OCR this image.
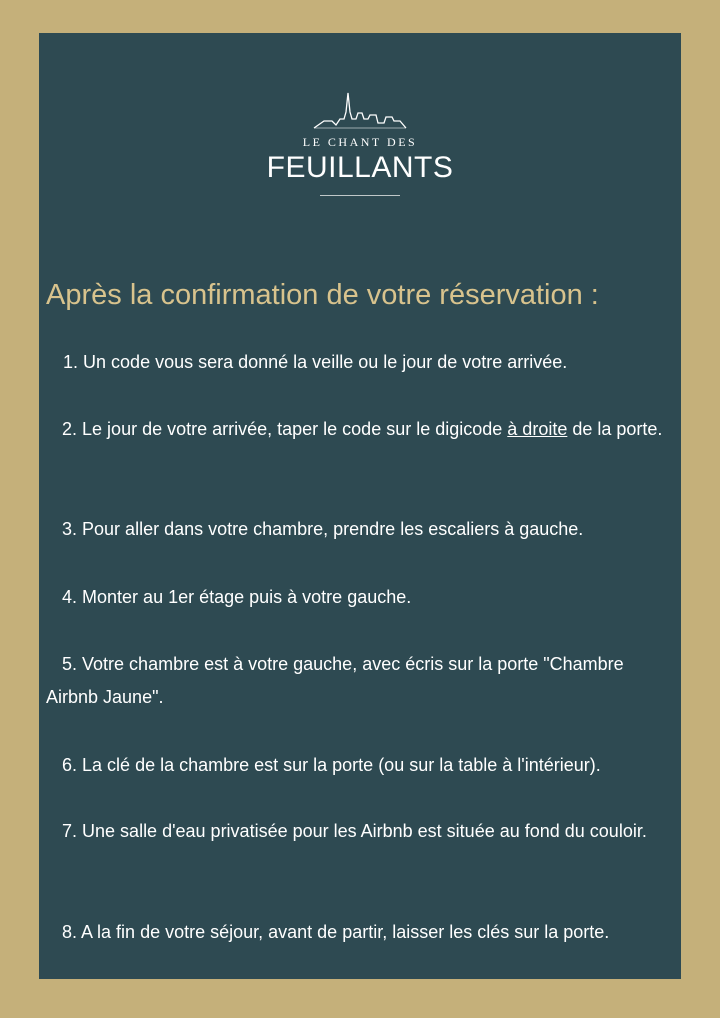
LE CHANT DES
FEUILLANTS
Après la confirmation de votre réservation :
1. Un code vous sera donné la veille ou le jour de votre arrivée.
2. Le jour de votre arrivée, taper le code sur le digicode à droite de la porte.
3. Pour aller dans votre chambre, prendre les escaliers à gauche.
4. Monter au 1er étage puis à votre gauche.
5. Votre chambre est à votre gauche, avec écris sur la porte "Chambre Airbnb Jaune".
6. La clé de la chambre est sur la porte (ou sur la table à l'intérieur).
7. Une salle d'eau privatisée pour les Airbnb est située au fond du couloir.
8. A la fin de votre séjour, avant de partir, laisser les clés sur la porte.
